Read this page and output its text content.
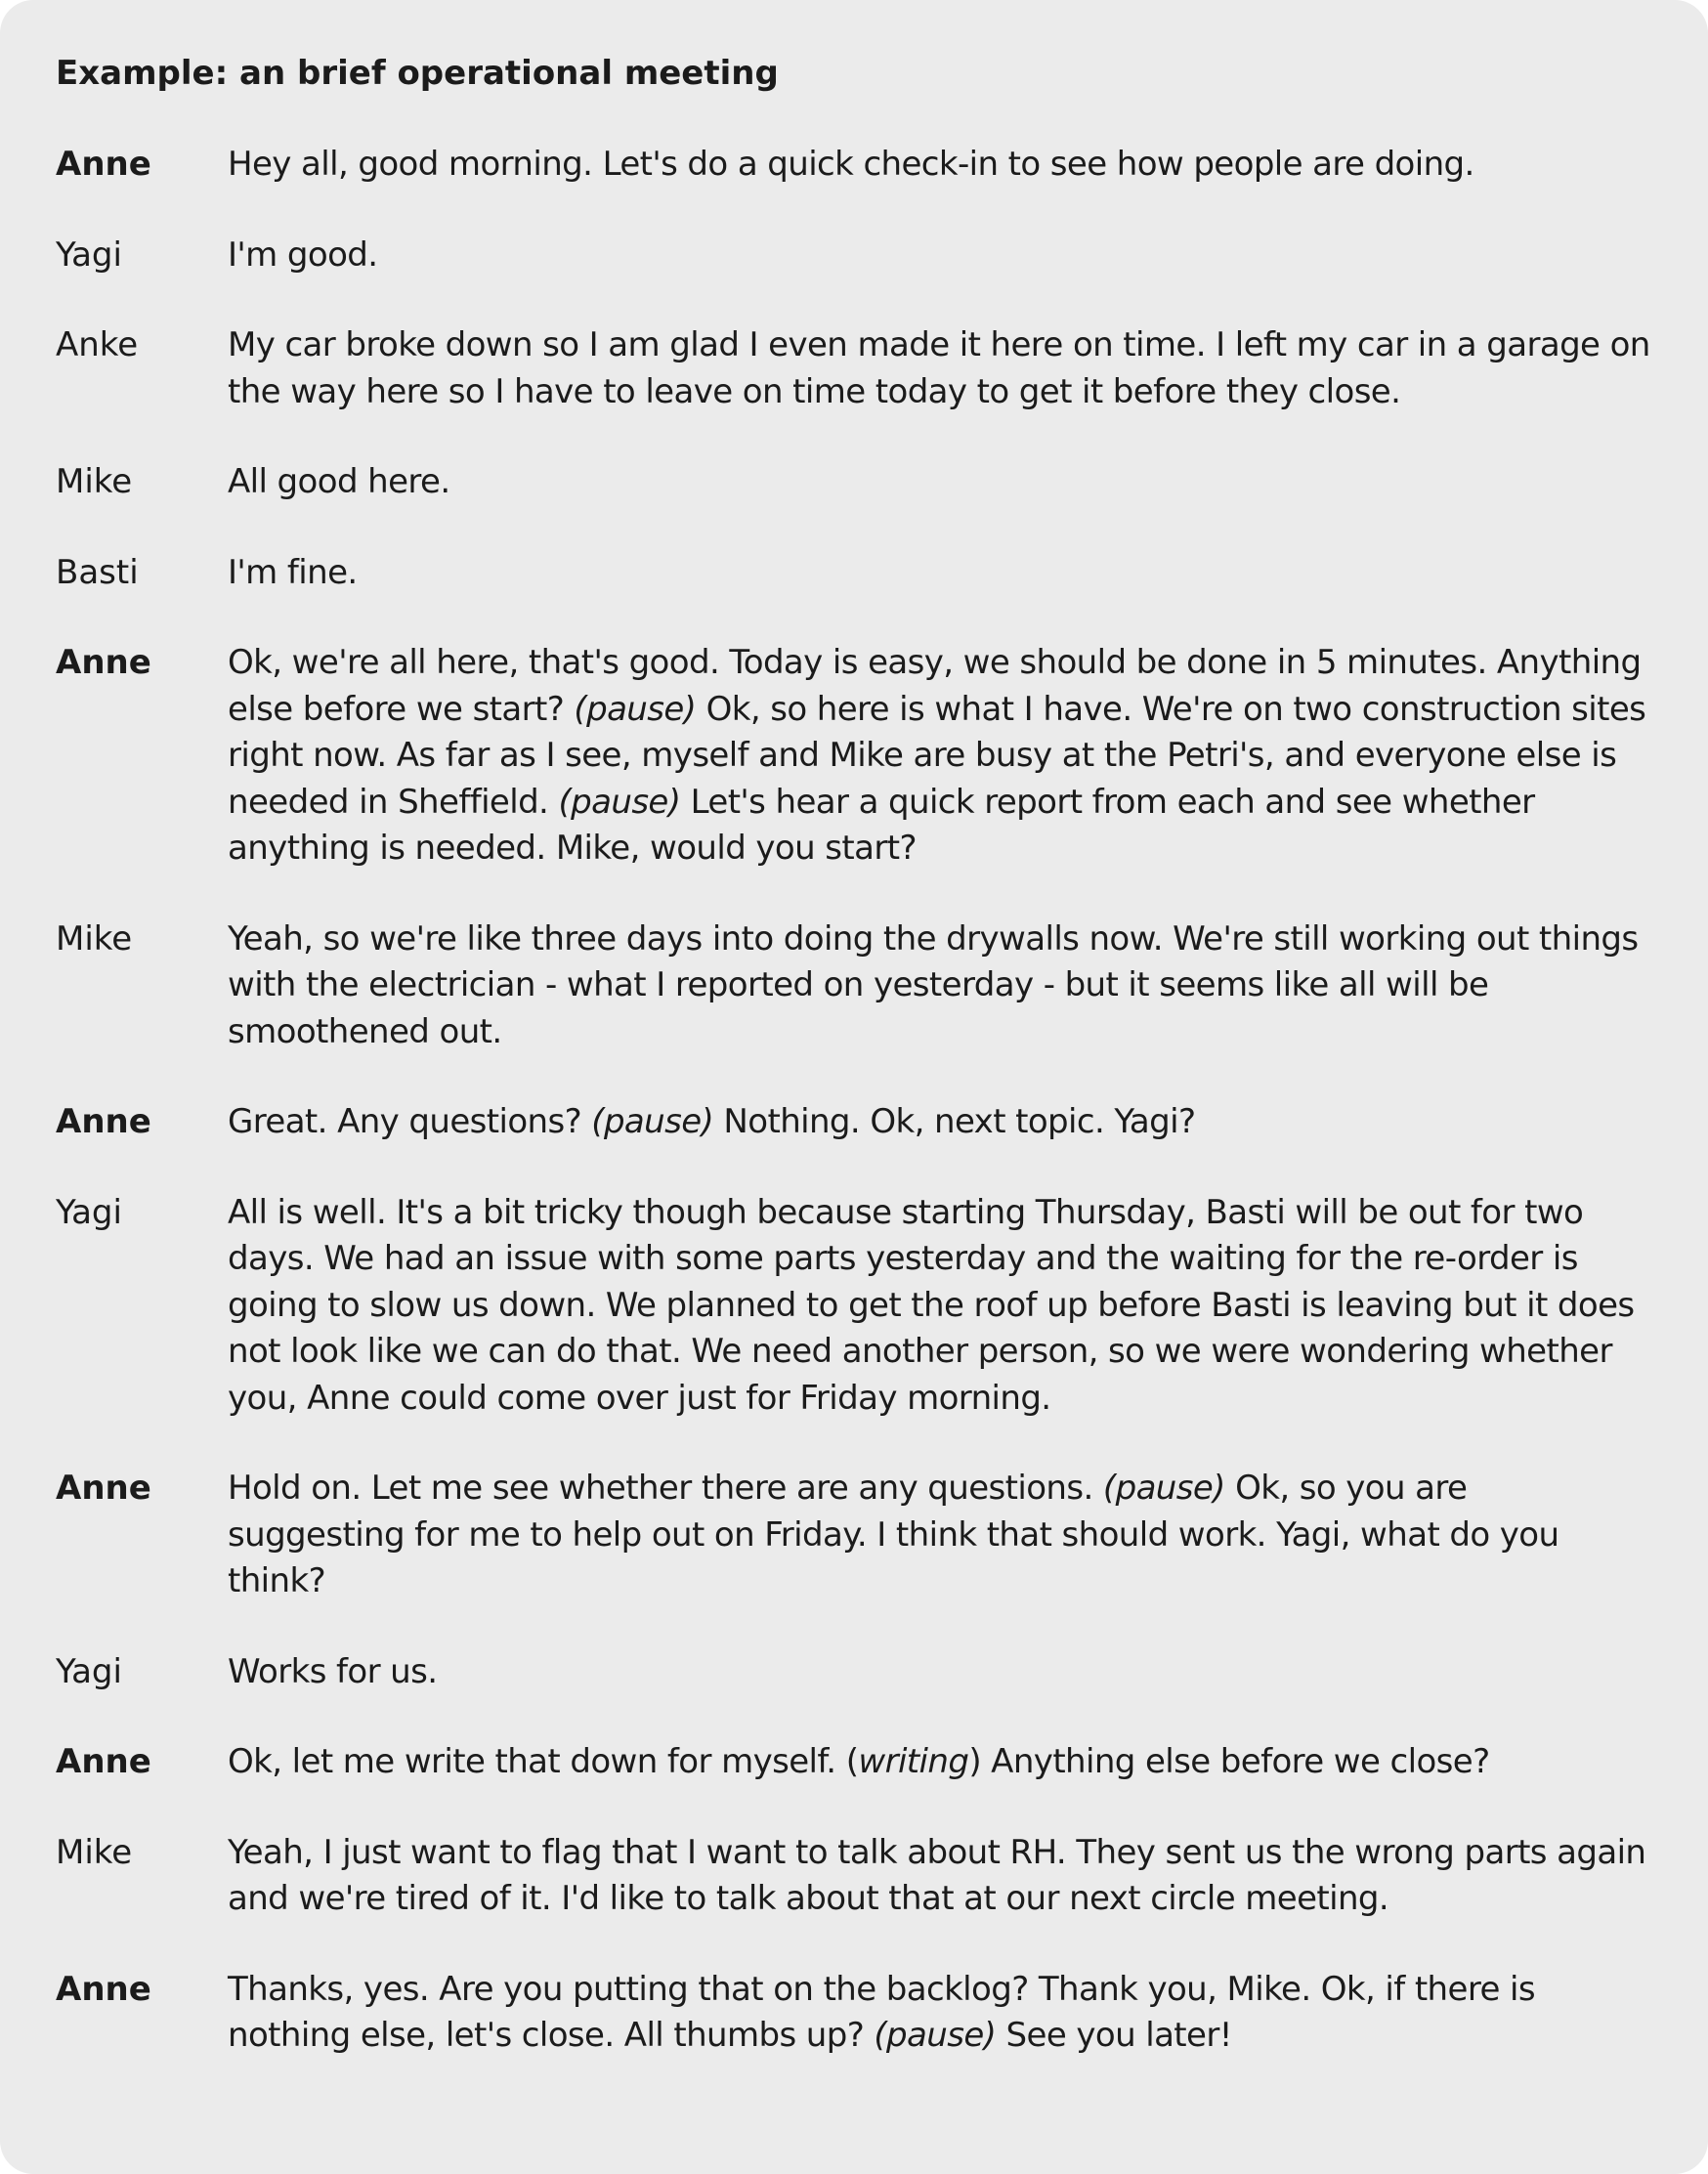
Example: an brief operational meeting
Anne	Hey all, good morning. Let's do a quick check-in to see how people are doing.
Yagi	I'm good.
Anke	My car broke down so I am glad I even made it here on time. I left my car in a garage on the way here so I have to leave on time today to get it before they close.
Mike	All good here.
Basti	I'm fine.
Anne	Ok, we're all here, that's good. Today is easy, we should be done in 5 minutes. Anything else before we start? (pause) Ok, so here is what I have. We're on two construction sites right now. As far as I see, myself and Mike are busy at the Petri's, and everyone else is needed in Sheffield. (pause) Let's hear a quick report from each and see whether anything is needed. Mike, would you start?
Mike	Yeah, so we're like three days into doing the drywalls now. We're still working out things with the electrician - what I reported on yesterday - but it seems like all will be smoothened out.
Anne	Great. Any questions? (pause) Nothing. Ok, next topic. Yagi?
Yagi	All is well. It's a bit tricky though because starting Thursday, Basti will be out for two days. We had an issue with some parts yesterday and the waiting for the re-order is going to slow us down. We planned to get the roof up before Basti is leaving but it does not look like we can do that. We need another person, so we were wondering whether you, Anne could come over just for Friday morning.
Anne	Hold on. Let me see whether there are any questions. (pause) Ok, so you are suggesting for me to help out on Friday. I think that should work. Yagi, what do you think?
Yagi	Works for us.
Anne	Ok, let me write that down for myself. (writing) Anything else before we close?
Mike	Yeah, I just want to flag that I want to talk about RH. They sent us the wrong parts again and we're tired of it. I'd like to talk about that at our next circle meeting.
Anne	Thanks, yes. Are you putting that on the backlog? Thank you, Mike. Ok, if there is nothing else, let's close. All thumbs up? (pause) See you later!
